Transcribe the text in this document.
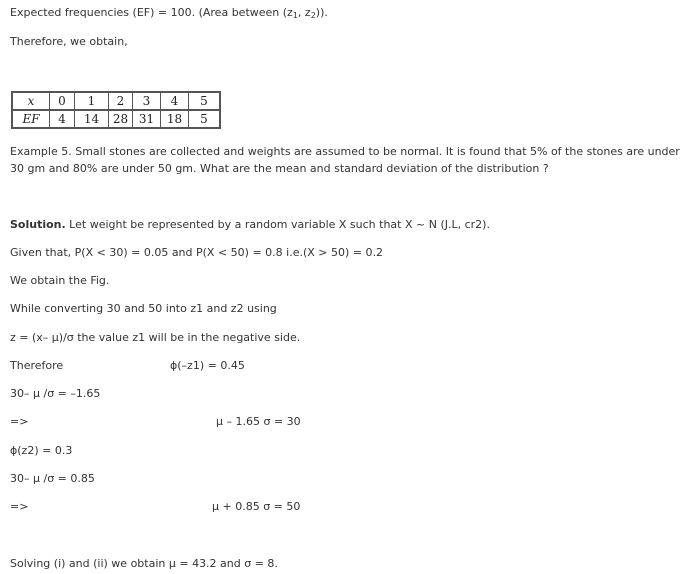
Expected frequencies (EF) = 100. (Area between ($z_1$, $z_2$)).
Therefore, we obtain,
x	0	1	2	3	4	5
EF	4	14	28	31	18	5
Example 5. Small stones are collected and weights are assumed to be normal. It is found that 5% of the stones are under 30 gm and 80% are under 50 gm. What are the mean and standard deviation of the distribution ?
Solution. Let weight be represented by a random variable X such that X ~ N (J.L, cr2).
Given that, P(X < 30) = 0.05 and P(X < 50) = 0.8 i.e.(X > 50) = 0.2
We obtain the Fig.
While converting 30 and 50 into z1 and z2 using
z = (x– μ)/σ the value z1 will be in the negative side.
Therefore	ϕ(–z1) = 0.45
30– μ /σ = –1.65
=>	μ – 1.65 σ = 30
ϕ(z2) = 0.3
30– μ /σ = 0.85
=>	μ + 0.85 σ = 50
Solving (i) and (ii) we obtain μ = 43.2 and σ = 8.
